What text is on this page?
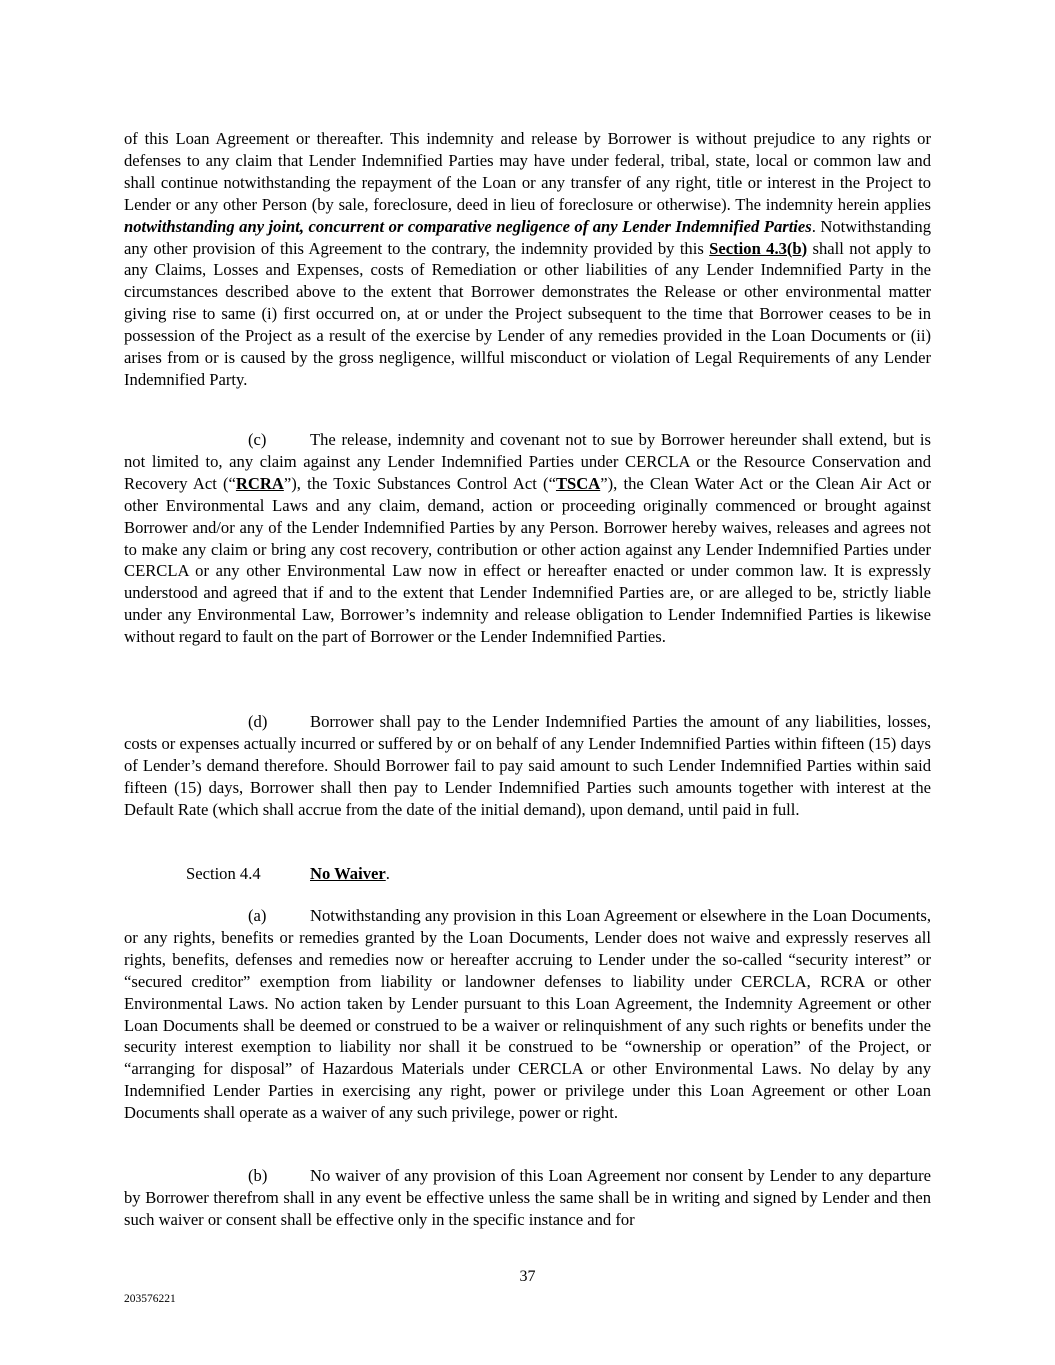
of this Loan Agreement or thereafter. This indemnity and release by Borrower is without prejudice to any rights or defenses to any claim that Lender Indemnified Parties may have under federal, tribal, state, local or common law and shall continue notwithstanding the repayment of the Loan or any transfer of any right, title or interest in the Project to Lender or any other Person (by sale, foreclosure, deed in lieu of foreclosure or otherwise). The indemnity herein applies notwithstanding any joint, concurrent or comparative negligence of any Lender Indemnified Parties. Notwithstanding any other provision of this Agreement to the contrary, the indemnity provided by this Section 4.3(b) shall not apply to any Claims, Losses and Expenses, costs of Remediation or other liabilities of any Lender Indemnified Party in the circumstances described above to the extent that Borrower demonstrates the Release or other environmental matter giving rise to same (i) first occurred on, at or under the Project subsequent to the time that Borrower ceases to be in possession of the Project as a result of the exercise by Lender of any remedies provided in the Loan Documents or (ii) arises from or is caused by the gross negligence, willful misconduct or violation of Legal Requirements of any Lender Indemnified Party.

(c)	The release, indemnity and covenant not to sue by Borrower hereunder shall extend, but is not limited to, any claim against any Lender Indemnified Parties under CERCLA or the Resource Conservation and Recovery Act (“RCRA”), the Toxic Substances Control Act (“TSCA”), the Clean Water Act or the Clean Air Act or other Environmental Laws and any claim, demand, action or proceeding originally commenced or brought against Borrower and/or any of the Lender Indemnified Parties by any Person. Borrower hereby waives, releases and agrees not to make any claim or bring any cost recovery, contribution or other action against any Lender Indemnified Parties under CERCLA or any other Environmental Law now in effect or hereafter enacted or under common law. It is expressly understood and agreed that if and to the extent that Lender Indemnified Parties are, or are alleged to be, strictly liable under any Environmental Law, Borrower’s indemnity and release obligation to Lender Indemnified Parties is likewise without regard to fault on the part of Borrower or the Lender Indemnified Parties.

(d)	Borrower shall pay to the Lender Indemnified Parties the amount of any liabilities, losses, costs or expenses actually incurred or suffered by or on behalf of any Lender Indemnified Parties within fifteen (15) days of Lender’s demand therefore. Should Borrower fail to pay said amount to such Lender Indemnified Parties within said fifteen (15) days, Borrower shall then pay to Lender Indemnified Parties such amounts together with interest at the Default Rate (which shall accrue from the date of the initial demand), upon demand, until paid in full.

Section 4.4	No Waiver.

(a)	Notwithstanding any provision in this Loan Agreement or elsewhere in the Loan Documents, or any rights, benefits or remedies granted by the Loan Documents, Lender does not waive and expressly reserves all rights, benefits, defenses and remedies now or hereafter accruing to Lender under the so-called “security interest” or “secured creditor” exemption from liability or landowner defenses to liability under CERCLA, RCRA or other Environmental Laws. No action taken by Lender pursuant to this Loan Agreement, the Indemnity Agreement or other Loan Documents shall be deemed or construed to be a waiver or relinquishment of any such rights or benefits under the security interest exemption to liability nor shall it be construed to be “ownership or operation” of the Project, or “arranging for disposal” of Hazardous Materials under CERCLA or other Environmental Laws. No delay by any Indemnified Lender Parties in exercising any right, power or privilege under this Loan Agreement or other Loan Documents shall operate as a waiver of any such privilege, power or right.

(b)	No waiver of any provision of this Loan Agreement nor consent by Lender to any departure by Borrower therefrom shall in any event be effective unless the same shall be in writing and signed by Lender and then such waiver or consent shall be effective only in the specific instance and for

37
203576221
